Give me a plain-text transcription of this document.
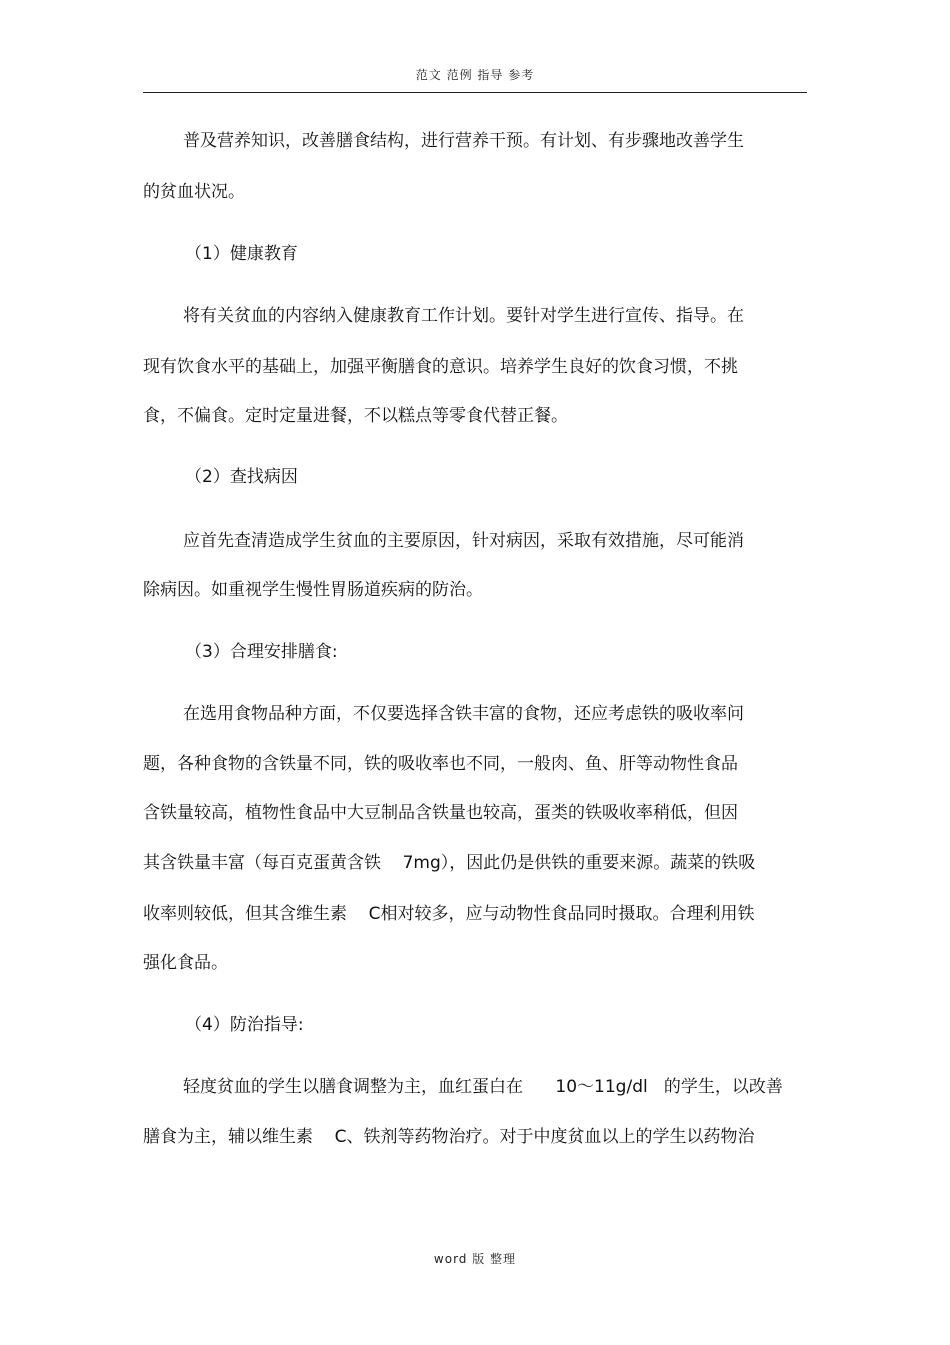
范文 范例 指导 参考
普及营养知识，改善膳食结构，进行营养干预。有计划、有步骤地改善学生
的贫血状况。
（1）健康教育
将有关贫血的内容纳入健康教育工作计划。要针对学生进行宣传、指导。在
现有饮食水平的基础上，加强平衡膳食的意识。培养学生良好的饮食习惯，不挑
食，不偏食。定时定量进餐，不以糕点等零食代替正餐。
（2）查找病因
应首先查清造成学生贫血的主要原因，针对病因，采取有效措施，尽可能消
除病因。如重视学生慢性胃肠道疾病的防治。
（3）合理安排膳食:
在选用食物品种方面，不仅要选择含铁丰富的食物，还应考虑铁的吸收率问
题，各种食物的含铁量不同，铁的吸收率也不同，一般肉、鱼、肝等动物性食品
含铁量较高，植物性食品中大豆制品含铁量也较高，蛋类的铁吸收率稍低，但因
其含铁量丰富（每百克蛋黄含铁    7mg），因此仍是供铁的重要来源。蔬菜的铁吸
收率则较低，但其含维生素    C相对较多，应与动物性食品同时摄取。合理利用铁
强化食品。
（4）防治指导:
轻度贫血的学生以膳食调整为主，血红蛋白在      10～11g/dl   的学生，以改善
膳食为主，辅以维生素    C、铁剂等药物治疗。对于中度贫血以上的学生以药物治
word 版 整理
